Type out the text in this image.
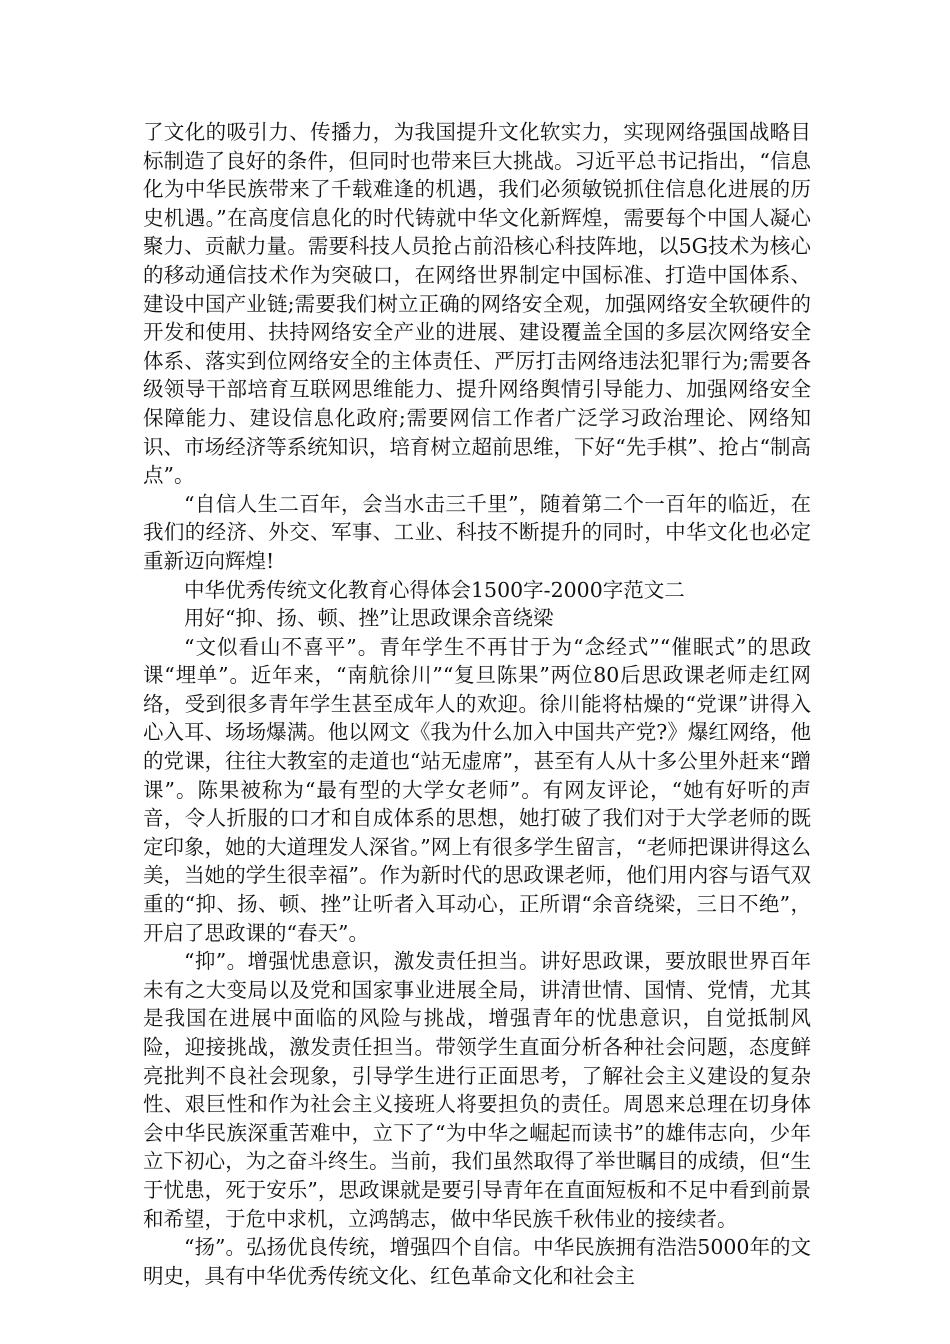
了文化的吸引力、传播力，为我国提升文化软实力，实现网络强国战略目标制造了良好的条件，但同时也带来巨大挑战。习近平总书记指出，“信息化为中华民族带来了千载难逢的机遇，我们必须敏锐抓住信息化进展的历史机遇。”在高度信息化的时代铸就中华文化新辉煌，需要每个中国人凝心聚力、贡献力量。需要科技人员抢占前沿核心科技阵地，以5G技术为核心的移动通信技术作为突破口，在网络世界制定中国标准、打造中国体系、建设中国产业链;需要我们树立正确的网络安全观，加强网络安全软硬件的开发和使用、扶持网络安全产业的进展、建设覆盖全国的多层次网络安全体系、落实到位网络安全的主体责任、严厉打击网络违法犯罪行为;需要各级领导干部培育互联网思维能力、提升网络舆情引导能力、加强网络安全保障能力、建设信息化政府;需要网信工作者广泛学习政治理论、网络知识、市场经济等系统知识，培育树立超前思维，下好“先手棋”、抢占“制高点”。

“自信人生二百年，会当水击三千里”，随着第二个一百年的临近，在我们的经济、外交、军事、工业、科技不断提升的同时，中华文化也必定重新迈向辉煌!

中华优秀传统文化教育心得体会1500字-2000字范文二

用好“抑、扬、顿、挫”让思政课余音绕梁

“文似看山不喜平”。青年学生不再甘于为“念经式”“催眠式”的思政课“埋单”。近年来，“南航徐川”“复旦陈果”两位80后思政课老师走红网络，受到很多青年学生甚至成年人的欢迎。徐川能将枯燥的“党课”讲得入心入耳、场场爆满。他以网文《我为什么加入中国共产党?》爆红网络，他的党课，往往大教室的走道也“站无虚席”，甚至有人从十多公里外赶来“蹭课”。陈果被称为“最有型的大学女老师”。有网友评论，“她有好听的声音，令人折服的口才和自成体系的思想，她打破了我们对于大学老师的既定印象，她的大道理发人深省。”网上有很多学生留言，“老师把课讲得这么美，当她的学生很幸福”。作为新时代的思政课老师，他们用内容与语气双重的“抑、扬、顿、挫”让听者入耳动心，正所谓“余音绕梁，三日不绝”，开启了思政课的“春天”。

“抑”。增强忧患意识，激发责任担当。讲好思政课，要放眼世界百年未有之大变局以及党和国家事业进展全局，讲清世情、国情、党情，尤其是我国在进展中面临的风险与挑战，增强青年的忧患意识，自觉抵制风险，迎接挑战，激发责任担当。带领学生直面分析各种社会问题，态度鲜亮批判不良社会现象，引导学生进行正面思考，了解社会主义建设的复杂性、艰巨性和作为社会主义接班人将要担负的责任。周恩来总理在切身体会中华民族深重苦难中，立下了“为中华之崛起而读书”的雄伟志向，少年立下初心，为之奋斗终生。当前，我们虽然取得了举世瞩目的成绩，但“生于忧患，死于安乐”，思政课就是要引导青年在直面短板和不足中看到前景和希望，于危中求机，立鸿鹄志，做中华民族千秋伟业的接续者。

“扬”。弘扬优良传统，增强四个自信。中华民族拥有浩浩5000年的文明史，具有中华优秀传统文化、红色革命文化和社会主
